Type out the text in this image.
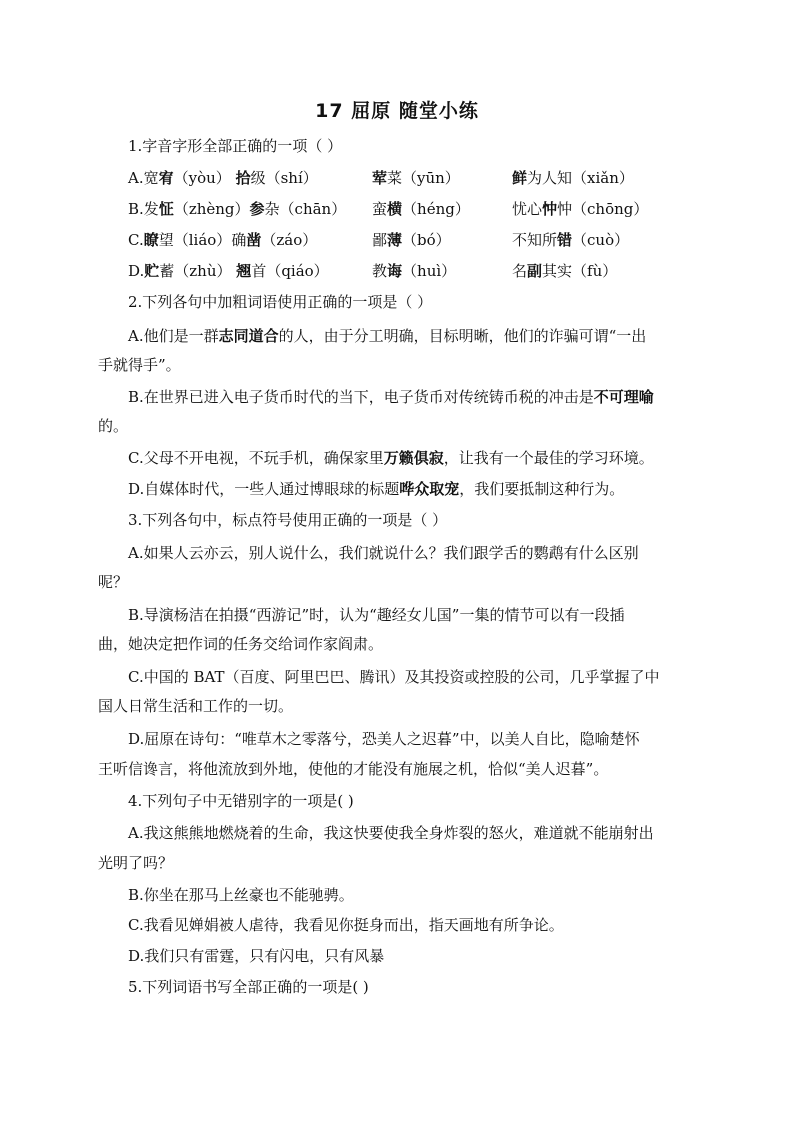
17 屈原 随堂小练
1.字音字形全部正确的一项（ ）
A.宽宥（yòu） 拾级（shí）	荤菜（yūn）	鲜为人知（xiǎn）
B.发怔（zhèng）参杂（chān） 蛮横（héng）	忧心忡忡（chōng）
C.瞭望（liáo）确凿（záo）	鄙薄（bó）	不知所错（cuò）
D.贮蓄（zhù） 翘首（qiáo）	教诲（huì）	名副其实（fù）
2.下列各句中加粗词语使用正确的一项是（ ）
A.他们是一群志同道合的人，由于分工明确，目标明晰，他们的诈骗可谓“一出
手就得手”。
B.在世界已进入电子货币时代的当下，电子货币对传统铸币税的冲击是不可理喻
的。
C.父母不开电视，不玩手机，确保家里万籁俱寂，让我有一个最佳的学习环境。
D.自媒体时代，一些人通过博眼球的标题哗众取宠，我们要抵制这种行为。
3.下列各句中，标点符号使用正确的一项是（ ）
A.如果人云亦云，别人说什么，我们就说什么？我们跟学舌的鹦鹉有什么区别
呢？
B.导演杨洁在拍摄“西游记”时，认为“趣经女儿国”一集的情节可以有一段插
曲，她决定把作词的任务交给词作家阎肃。
C.中国的 BAT（百度、阿里巴巴、腾讯）及其投资或控股的公司，几乎掌握了中
国人日常生活和工作的一切。
D.屈原在诗句：“唯草木之零落兮，恐美人之迟暮”中，以美人自比，隐喻楚怀
王听信谗言，将他流放到外地，使他的才能没有施展之机，恰似“美人迟暮”。
4.下列句子中无错别字的一项是( )
A.我这熊熊地燃烧着的生命，我这快要使我全身炸裂的怒火，难道就不能崩射出
光明了吗？
B.你坐在那马上丝豪也不能驰骋。
C.我看见婵娟被人虐待，我看见你挺身而出，指天画地有所争论。
D.我们只有雷霆，只有闪电，只有风暴
5.下列词语书写全部正确的一项是( )
